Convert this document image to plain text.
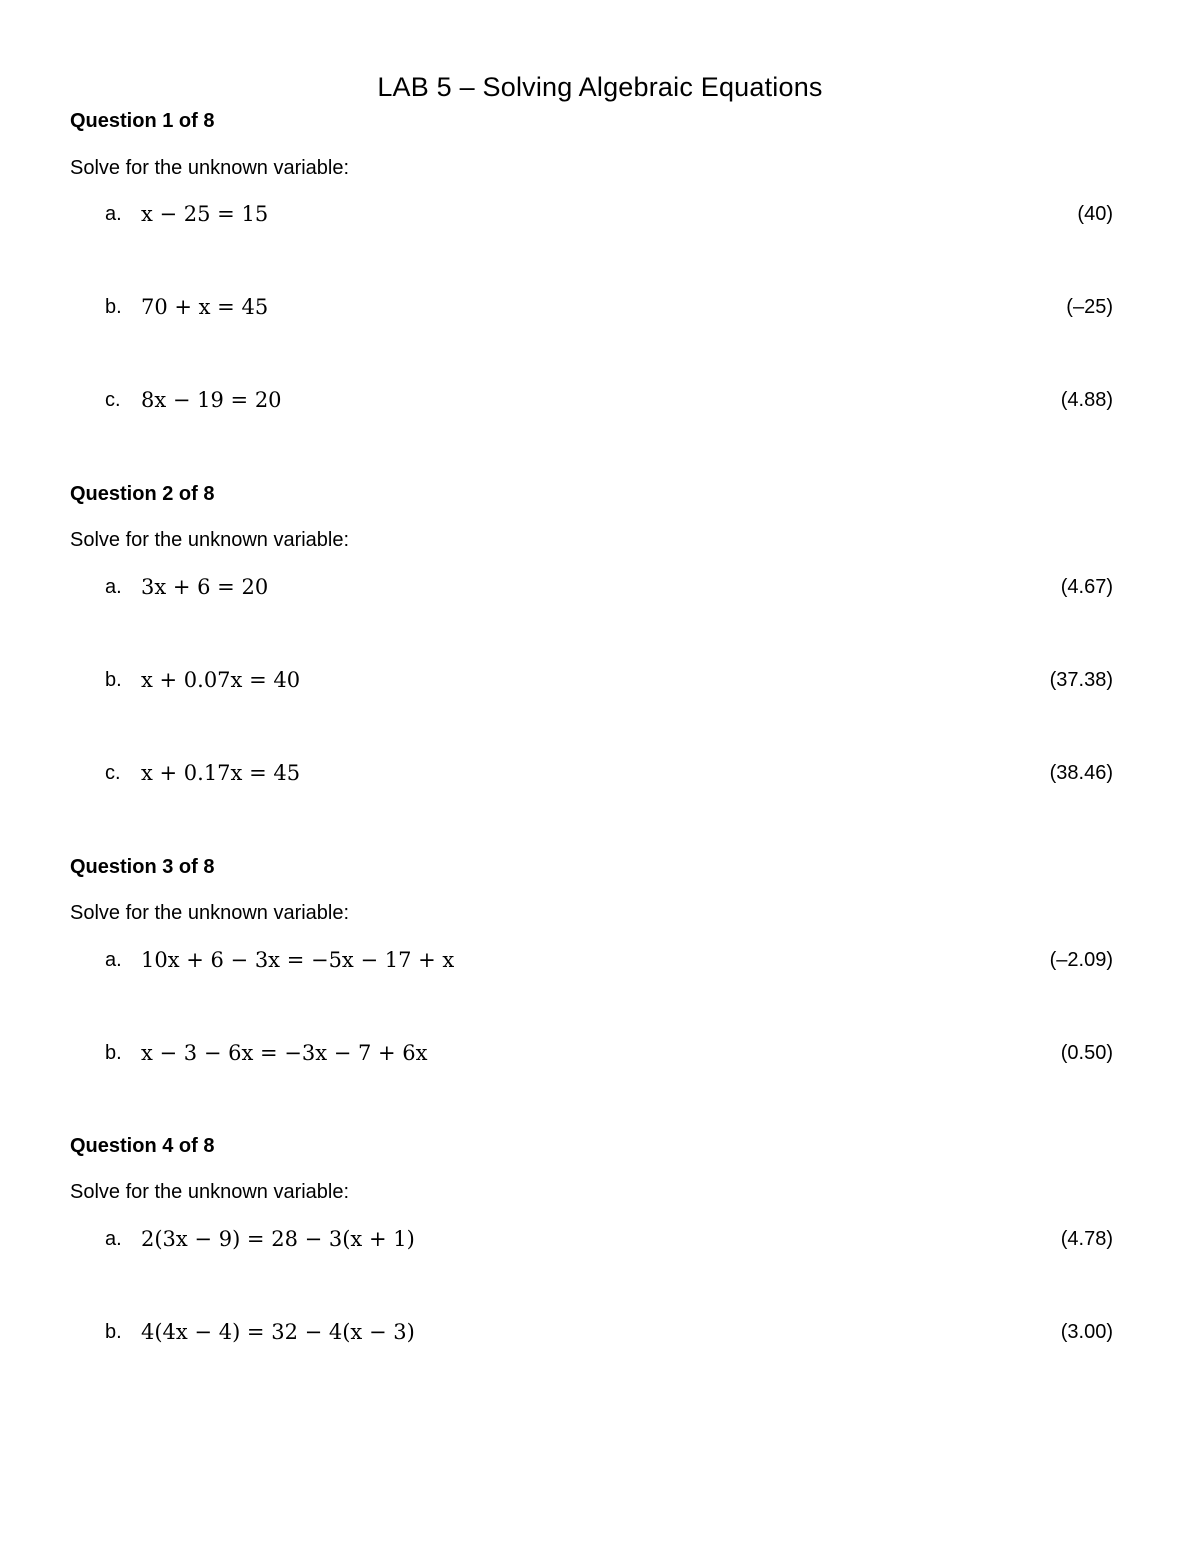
LAB 5 – Solving Algebraic Equations
Question 1 of 8
Solve for the unknown variable:
a. x − 25 = 15	(40)
b. 70 + x = 45	(–25)
c. 8x − 19 = 20	(4.88)
Question 2 of 8
Solve for the unknown variable:
a. 3x + 6 = 20	(4.67)
b. x + 0.07x = 40	(37.38)
c. x + 0.17x = 45	(38.46)
Question 3 of 8
Solve for the unknown variable:
a. 10x + 6 − 3x = −5x − 17 + x	(–2.09)
b. x − 3 − 6x = −3x − 7 + 6x	(0.50)
Question 4 of 8
Solve for the unknown variable:
a. 2(3x − 9) = 28 − 3(x + 1)	(4.78)
b. 4(4x − 4) = 32 − 4(x − 3)	(3.00)
